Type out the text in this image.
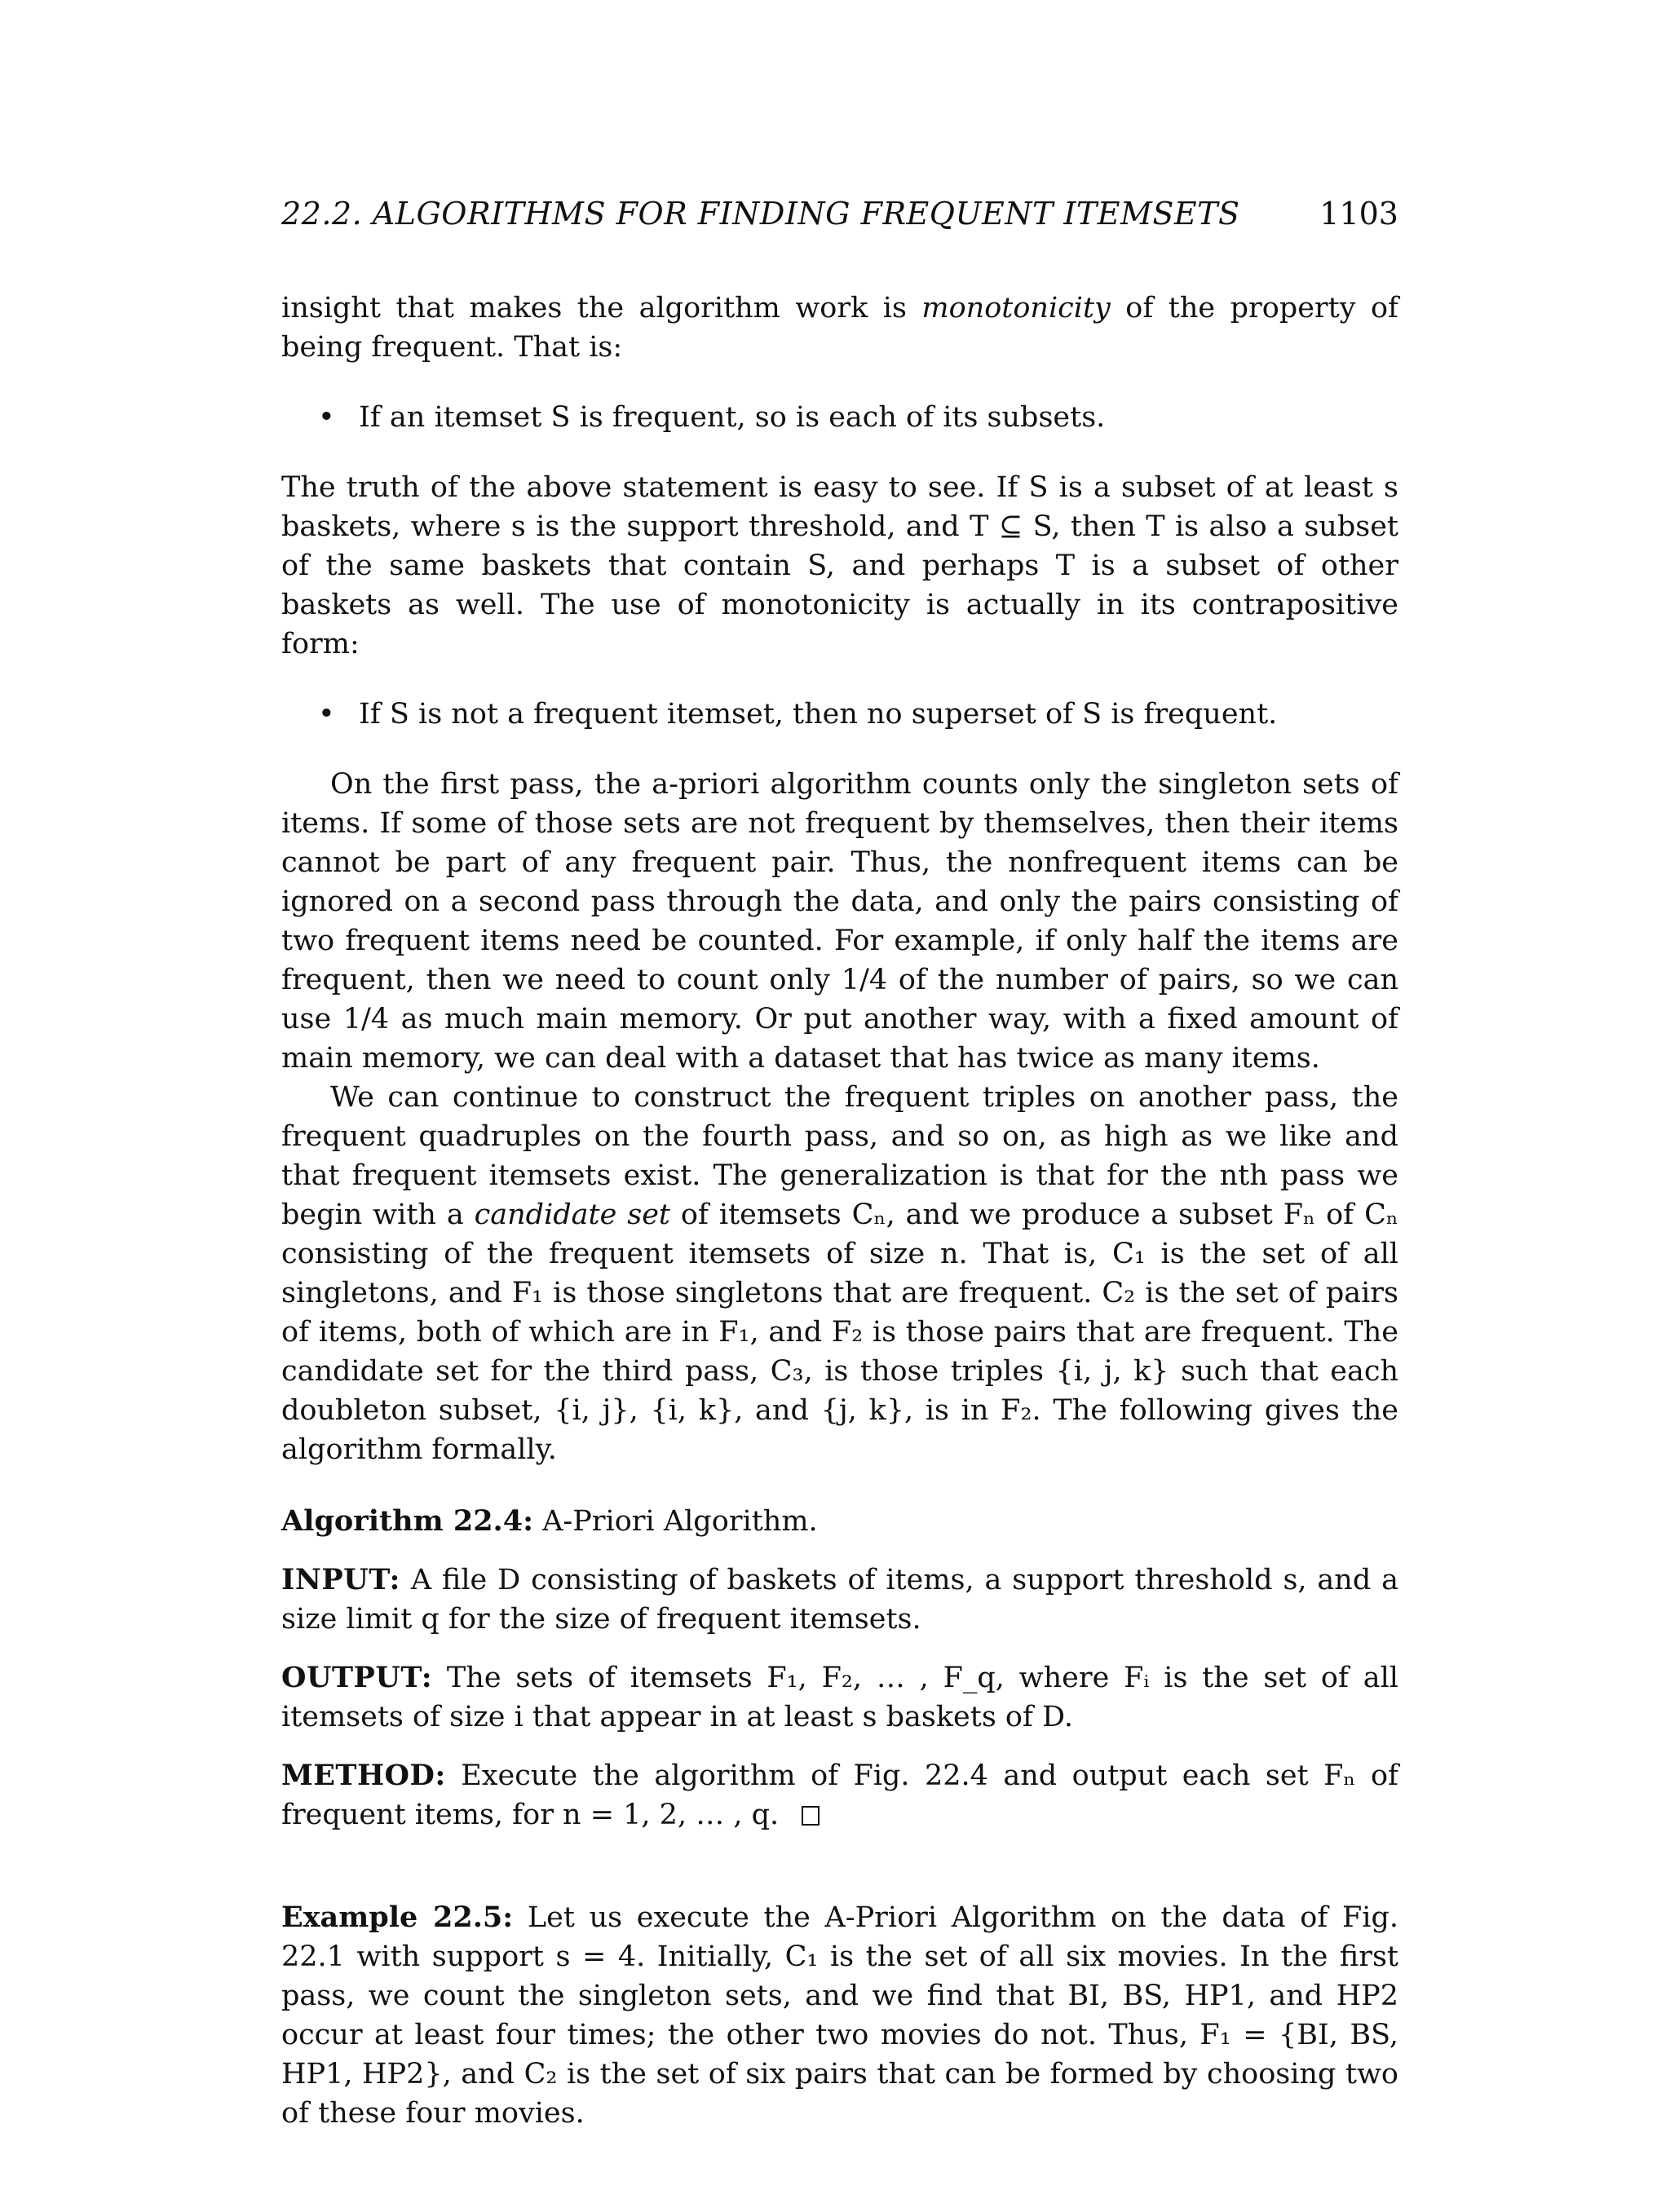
22.2. ALGORITHMS FOR FINDING FREQUENT ITEMSETS	1103

insight that makes the algorithm work is monotonicity of the property of being frequent. That is:

• If an itemset S is frequent, so is each of its subsets.

The truth of the above statement is easy to see. If S is a subset of at least s baskets, where s is the support threshold, and T ⊆ S, then T is also a subset of the same baskets that contain S, and perhaps T is a subset of other baskets as well. The use of monotonicity is actually in its contrapositive form:

• If S is not a frequent itemset, then no superset of S is frequent.

On the first pass, the a-priori algorithm counts only the singleton sets of items. If some of those sets are not frequent by themselves, then their items cannot be part of any frequent pair. Thus, the nonfrequent items can be ignored on a second pass through the data, and only the pairs consisting of two frequent items need be counted. For example, if only half the items are frequent, then we need to count only 1/4 of the number of pairs, so we can use 1/4 as much main memory. Or put another way, with a fixed amount of main memory, we can deal with a dataset that has twice as many items.

We can continue to construct the frequent triples on another pass, the frequent quadruples on the fourth pass, and so on, as high as we like and that frequent itemsets exist. The generalization is that for the nth pass we begin with a candidate set of itemsets Cₙ, and we produce a subset Fₙ of Cₙ consisting of the frequent itemsets of size n. That is, C₁ is the set of all singletons, and F₁ is those singletons that are frequent. C₂ is the set of pairs of items, both of which are in F₁, and F₂ is those pairs that are frequent. The candidate set for the third pass, C₃, is those triples {i, j, k} such that each doubleton subset, {i, j}, {i, k}, and {j, k}, is in F₂. The following gives the algorithm formally.

Algorithm 22.4: A-Priori Algorithm.

INPUT: A file D consisting of baskets of items, a support threshold s, and a size limit q for the size of frequent itemsets.

OUTPUT: The sets of itemsets F₁, F₂, … , F_q, where Fᵢ is the set of all itemsets of size i that appear in at least s baskets of D.

METHOD: Execute the algorithm of Fig. 22.4 and output each set Fₙ of frequent items, for n = 1, 2, … , q.

Example 22.5: Let us execute the A-Priori Algorithm on the data of Fig. 22.1 with support s = 4. Initially, C₁ is the set of all six movies. In the first pass, we count the singleton sets, and we find that BI, BS, HP1, and HP2 occur at least four times; the other two movies do not. Thus, F₁ = {BI, BS, HP1, HP2}, and C₂ is the set of six pairs that can be formed by choosing two of these four movies.
